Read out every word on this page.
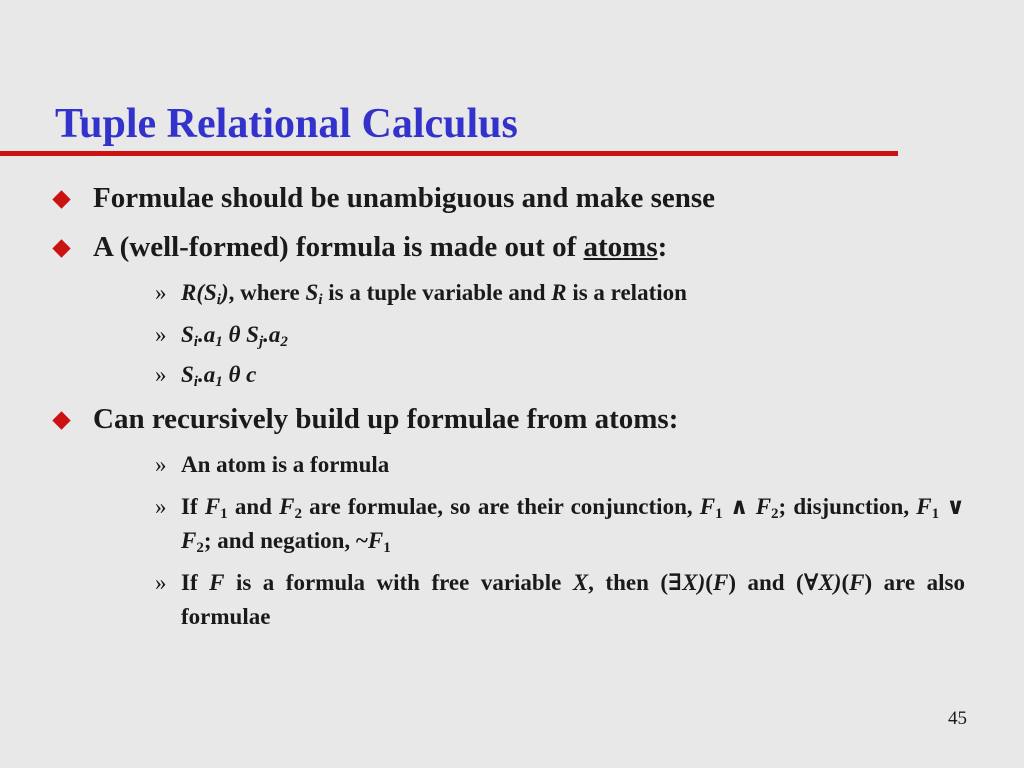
Tuple Relational Calculus
Formulae should be unambiguous and make sense
A (well-formed) formula is made out of atoms:
» $R(S_i)$, where $S_i$ is a tuple variable and R is a relation
» $S_i.a_1$ θ $S_j.a_2$
» $S_i.a_1$ θ c
Can recursively build up formulae from atoms:
» An atom is a formula
» If $F_1$ and $F_2$ are formulae, so are their conjunction, $F_1$ ∧ $F_2$; disjunction, $F_1$ ∨ $F_2$; and negation, $\sim F_1$
» If F is a formula with free variable X, then (∃X)(F) and (∀X)(F) are also formulae
45
